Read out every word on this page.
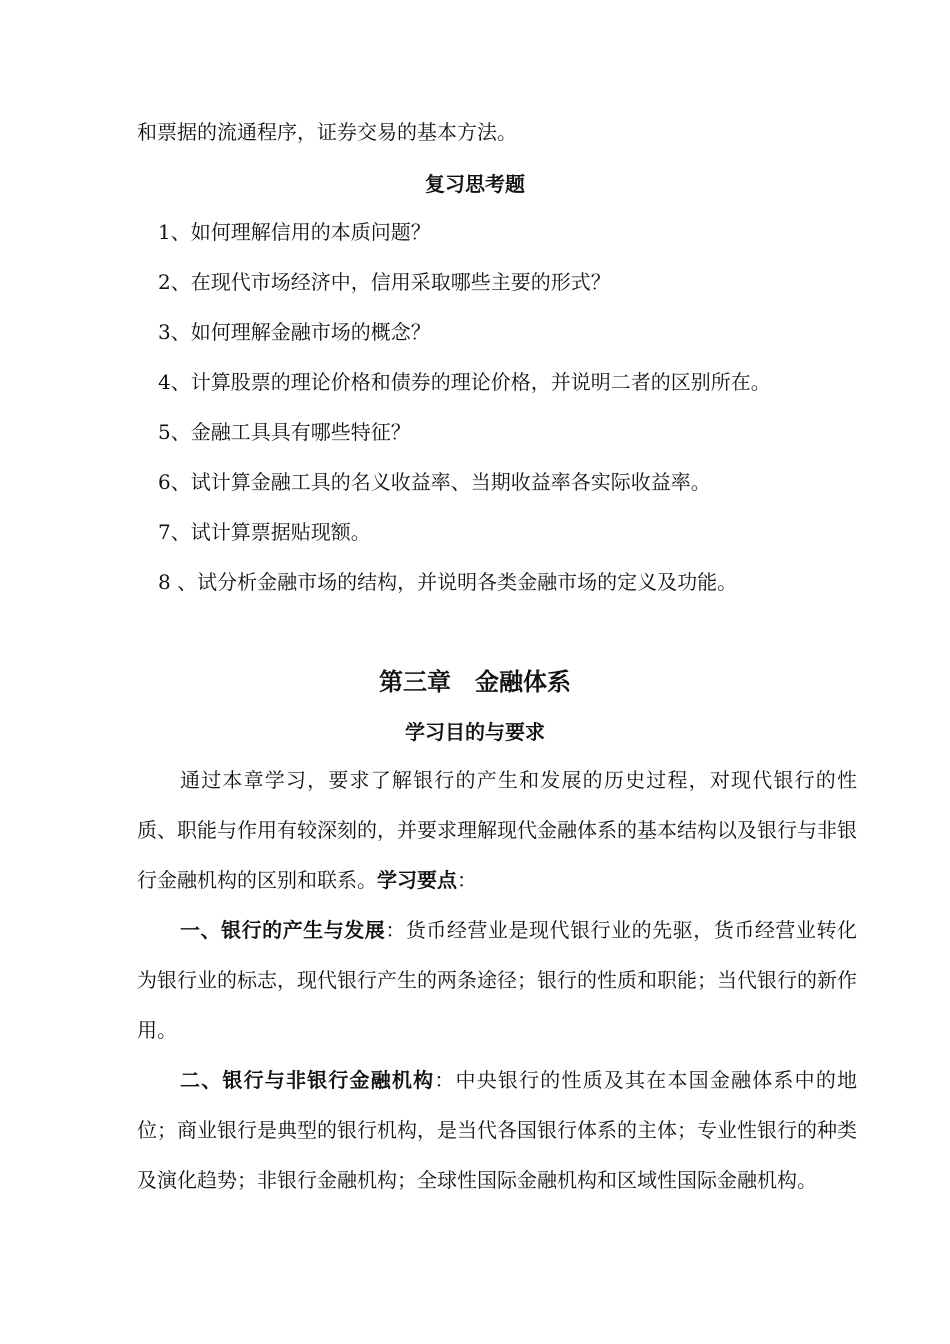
和票据的流通程序，证券交易的基本方法。
复习思考题
1、如何理解信用的本质问题？
2、在现代市场经济中，信用采取哪些主要的形式？
3、如何理解金融市场的概念？
4、计算股票的理论价格和债券的理论价格，并说明二者的区别所在。
5、金融工具具有哪些特征？
6、试计算金融工具的名义收益率、当期收益率各实际收益率。
7、试计算票据贴现额。
8 、试分析金融市场的结构，并说明各类金融市场的定义及功能。
第三章　金融体系
学习目的与要求
通过本章学习，要求了解银行的产生和发展的历史过程，对现代银行的性质、职能与作用有较深刻的，并要求理解现代金融体系的基本结构以及银行与非银行金融机构的区别和联系。学习要点：
一、银行的产生与发展：货币经营业是现代银行业的先驱，货币经营业转化为银行业的标志，现代银行产生的两条途径；银行的性质和职能；当代银行的新作用。
二、银行与非银行金融机构：中央银行的性质及其在本国金融体系中的地位；商业银行是典型的银行机构，是当代各国银行体系的主体；专业性银行的种类及演化趋势；非银行金融机构；全球性国际金融机构和区域性国际金融机构。
